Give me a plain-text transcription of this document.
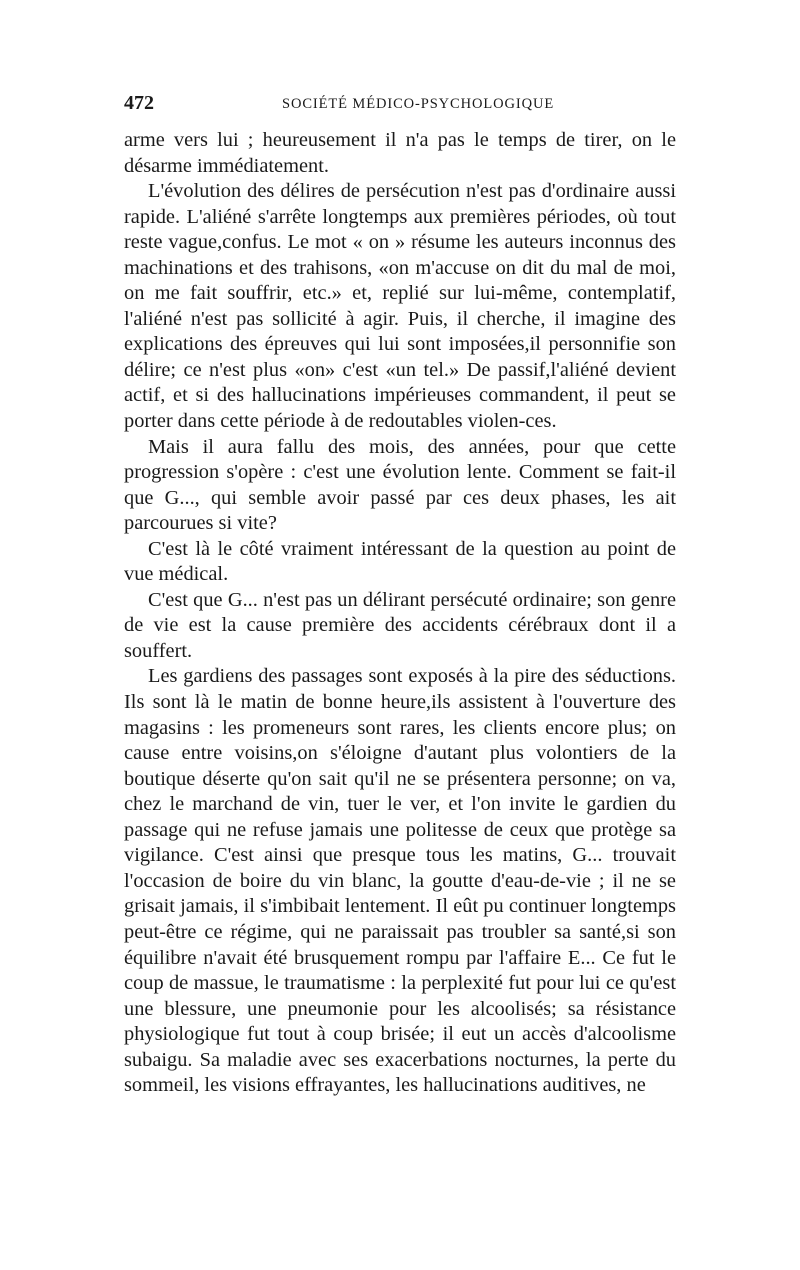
472	SOCIÉTÉ MÉDICO-PSYCHOLOGIQUE

arme vers lui ; heureusement il n'a pas le temps de tirer, on le désarme immédiatement.

L'évolution des délires de persécution n'est pas d'ordinaire aussi rapide. L'aliéné s'arrête longtemps aux premières périodes, où tout reste vague,confus. Le mot « on » résume les auteurs inconnus des machinations et des trahisons, «on m'accuse on dit du mal de moi, on me fait souffrir, etc.» et, replié sur lui-même, contemplatif, l'aliéné n'est pas sollicité à agir. Puis, il cherche, il imagine des explications des épreuves qui lui sont imposées,il personnifie son délire; ce n'est plus «on» c'est «un tel.» De passif,l'aliéné devient actif, et si des hallucinations impérieuses commandent, il peut se porter dans cette période à de redoutables violen-ces.

Mais il aura fallu des mois, des années, pour que cette progression s'opère : c'est une évolution lente. Comment se fait-il que G..., qui semble avoir passé par ces deux phases, les ait parcourues si vite?

C'est là le côté vraiment intéressant de la question au point de vue médical.

C'est que G... n'est pas un délirant persécuté ordinaire; son genre de vie est la cause première des accidents cérébraux dont il a souffert.

Les gardiens des passages sont exposés à la pire des séductions. Ils sont là le matin de bonne heure,ils assistent à l'ouverture des magasins : les promeneurs sont rares, les clients encore plus; on cause entre voisins,on s'éloigne d'autant plus volontiers de la boutique déserte qu'on sait qu'il ne se présentera personne; on va, chez le marchand de vin, tuer le ver, et l'on invite le gardien du passage qui ne refuse jamais une politesse de ceux que protège sa vigilance. C'est ainsi que presque tous les matins, G... trouvait l'occasion de boire du vin blanc, la goutte d'eau-de-vie ; il ne se grisait jamais, il s'imbibait lentement. Il eût pu continuer longtemps peut-être ce régime, qui ne paraissait pas troubler sa santé,si son équilibre n'avait été brusquement rompu par l'affaire E... Ce fut le coup de massue, le traumatisme : la perplexité fut pour lui ce qu'est une blessure, une pneumonie pour les alcoolisés; sa résistance physiologique fut tout à coup brisée; il eut un accès d'alcoolisme subaigu. Sa maladie avec ses exacerbations nocturnes, la perte du sommeil, les visions effrayantes, les hallucinations auditives, ne
